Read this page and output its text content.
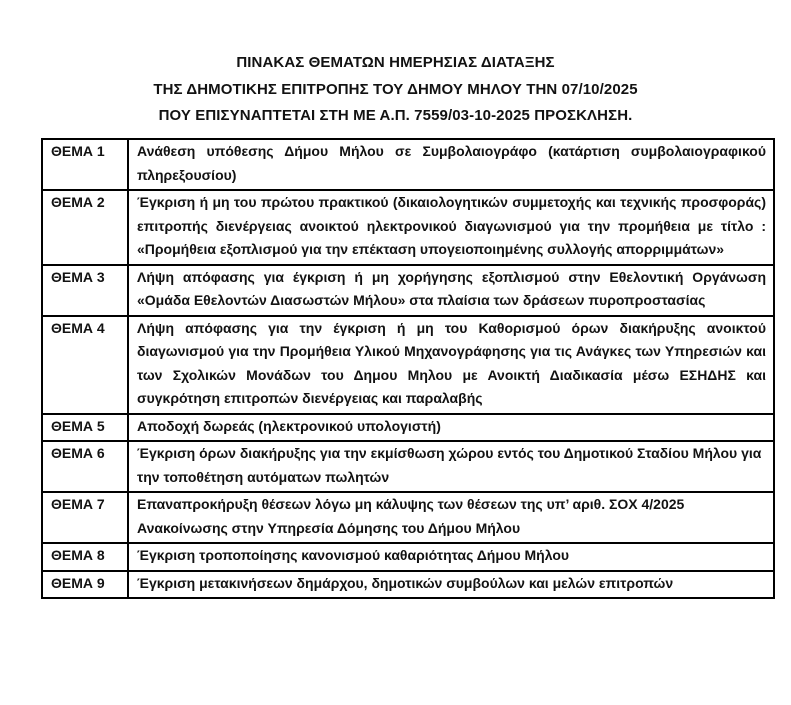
ΠΙΝΑΚΑΣ ΘΕΜΑΤΩΝ ΗΜΕΡΗΣΙΑΣ ΔΙΑΤΑΞΗΣ
ΤΗΣ ΔΗΜΟΤΙΚΗΣ ΕΠΙΤΡΟΠΗΣ ΤΟΥ ΔΗΜΟΥ ΜΗΛΟΥ ΤΗΝ 07/10/2025
ΠΟΥ ΕΠΙΣΥΝΑΠΤΕΤΑΙ ΣΤΗ ΜΕ Α.Π. 7559/03-10-2025 ΠΡΟΣΚΛΗΣΗ.
ΘΕΜΑ 1	Ανάθεση υπόθεσης Δήμου Μήλου σε Συμβολαιογράφο (κατάρτιση συμβολαιογραφικού πληρεξουσίου)
ΘΕΜΑ 2	Έγκριση ή μη του πρώτου πρακτικού (δικαιολογητικών συμμετοχής και τεχνικής προσφοράς) επιτροπής διενέργειας ανοικτού ηλεκτρονικού διαγωνισμού για την προμήθεια με τίτλο : «Προμήθεια εξοπλισμού για την επέκταση υπογειοποιημένης συλλογής απορριμμάτων»
ΘΕΜΑ 3	Λήψη απόφασης για έγκριση ή μη χορήγησης εξοπλισμού στην Εθελοντική Οργάνωση «Ομάδα Εθελοντών Διασωστών Μήλου» στα πλαίσια των δράσεων πυροπροστασίας
ΘΕΜΑ 4	Λήψη απόφασης για την έγκριση ή μη του Καθορισμού όρων διακήρυξης ανοικτού διαγωνισμού για την Προμήθεια Υλικού Μηχανογράφησης για τις Ανάγκες των Υπηρεσιών και των Σχολικών Μονάδων του Δημου Μηλου με Ανοικτή Διαδικασία μέσω ΕΣΗΔΗΣ και συγκρότηση επιτροπών διενέργειας και παραλαβής
ΘΕΜΑ 5	Αποδοχή δωρεάς (ηλεκτρονικού υπολογιστή)
ΘΕΜΑ 6	Έγκριση όρων διακήρυξης για την εκμίσθωση χώρου εντός του Δημοτικού Σταδίου Μήλου για την τοποθέτηση αυτόματων πωλητών
ΘΕΜΑ 7	Επαναπροκήρυξη θέσεων λόγω μη κάλυψης των θέσεων της υπ’ αριθ. ΣΟΧ 4/2025 Ανακοίνωσης στην Υπηρεσία Δόμησης του Δήμου Μήλου
ΘΕΜΑ 8	Έγκριση τροποποίησης κανονισμού καθαριότητας Δήμου Μήλου
ΘΕΜΑ 9	Έγκριση μετακινήσεων δημάρχου, δημοτικών συμβούλων και μελών επιτροπών
